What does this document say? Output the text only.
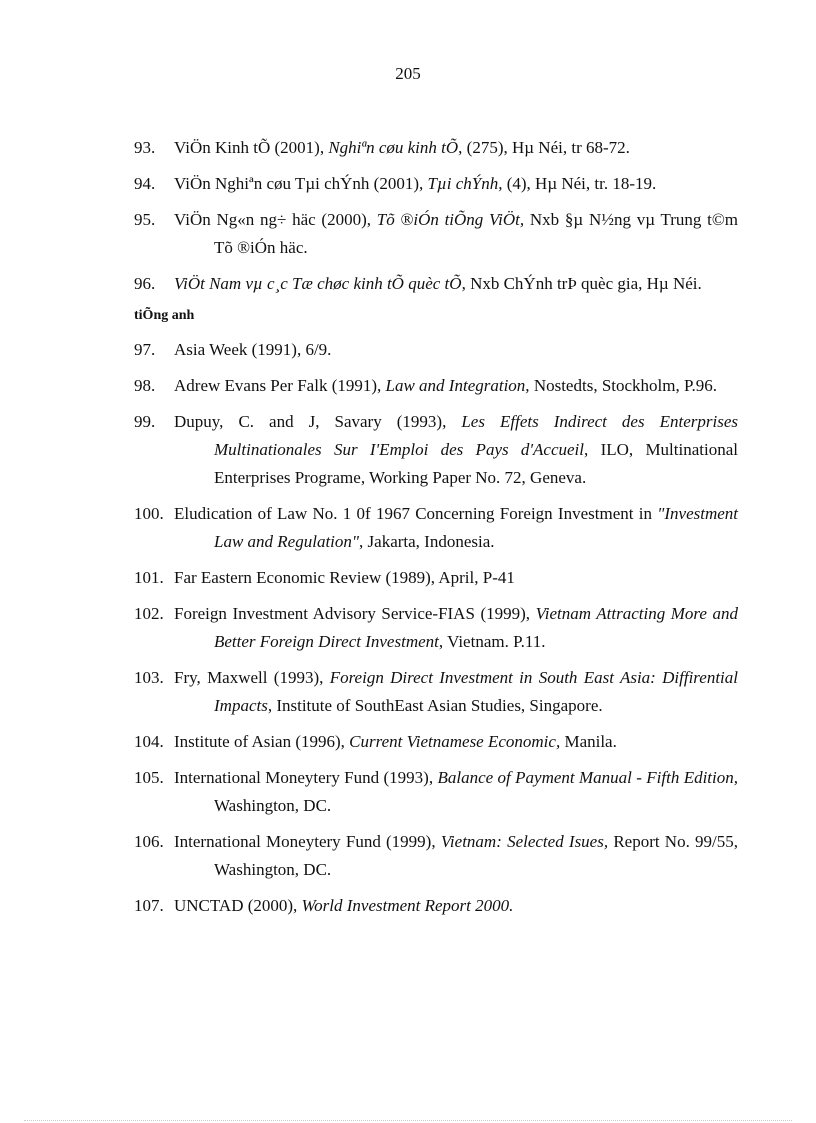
205
93.	ViÖn Kinh tÕ (2001), Nghiªn cøu kinh tÕ, (275), Hµ Néi, tr 68-72.
94.	ViÖn Nghiªn cøu Tµi chÝnh (2001), Tµi chÝnh, (4), Hµ Néi, tr. 18-19.
95.	ViÖn Ng«n ng÷ häc (2000), Tõ ®iÓn tiÕng ViÖt, Nxb §µ N½ng vµ Trung t©m Tõ ®iÓn häc.
96.	ViÖt Nam vµ c¸c Tæ chøc kinh tÕ quèc tÕ, Nxb ChÝnh trÞ quèc gia, Hµ Néi.
tiÕng anh
97.	Asia Week (1991), 6/9.
98.	Adrew Evans Per Falk (1991), Law and Integration, Nostedts, Stockholm, P.96.
99.	Dupuy, C. and J, Savary (1993), Les Effets Indirect des Enterprises Multinationales Sur I'Emploi des Pays d'Accueil, ILO, Multinational Enterprises Programe, Working Paper No. 72, Geneva.
100. Eludication of Law No. 1 0f 1967 Concerning Foreign Investment in "Investment Law and Regulation", Jakarta, Indonesia.
101. Far Eastern Economic Review (1989), April, P-41
102. Foreign Investment Advisory Service-FIAS (1999), Vietnam Attracting More and Better Foreign Direct Investment, Vietnam. P.11.
103. Fry, Maxwell (1993), Foreign Direct Investment in South East Asia: Diffirential Impacts, Institute of SouthEast Asian Studies, Singapore.
104. Institute of Asian (1996), Current Vietnamese Economic, Manila.
105. International Moneytery Fund (1993), Balance of Payment Manual - Fifth Edition, Washington, DC.
106. International Moneytery Fund (1999), Vietnam: Selected Isues, Report No. 99/55, Washington, DC.
107. UNCTAD (2000), World Investment Report 2000.
